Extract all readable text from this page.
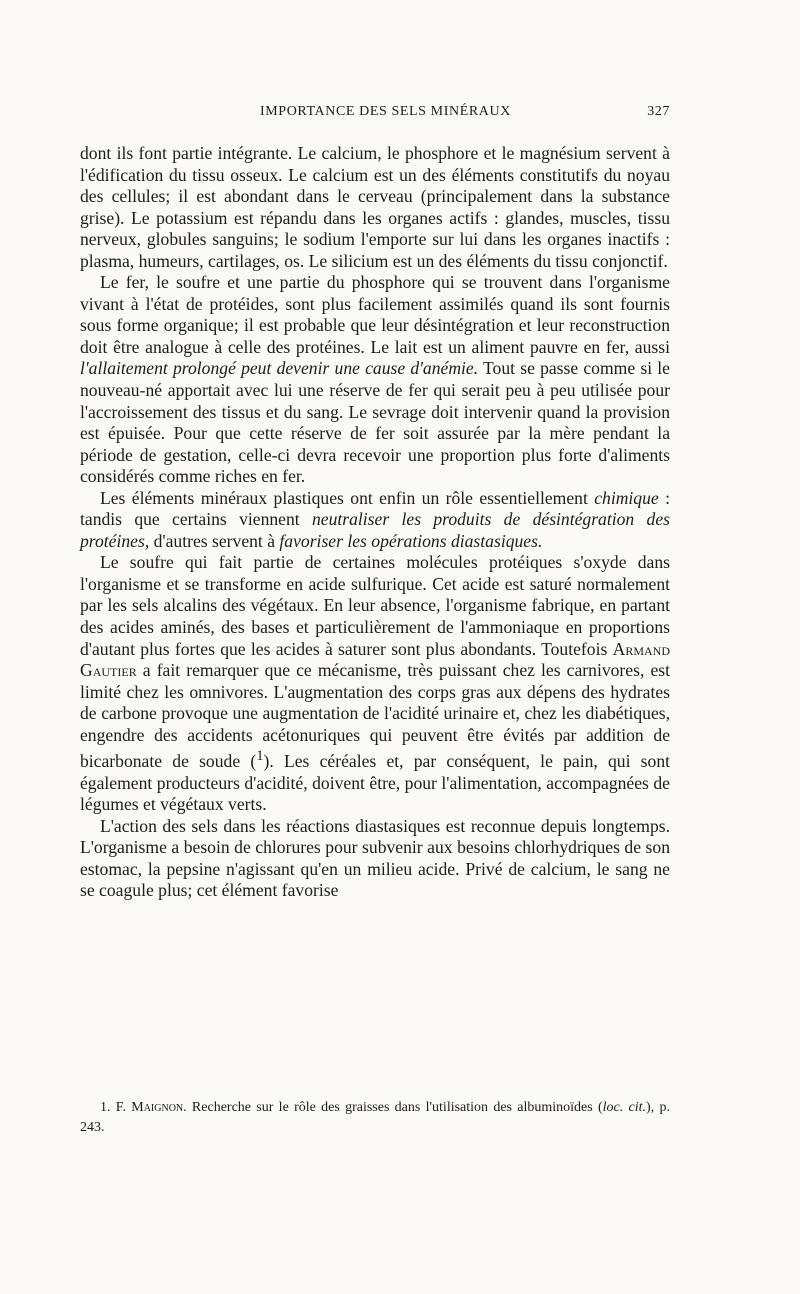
IMPORTANCE DES SELS MINÉRAUX	327

dont ils font partie intégrante. Le calcium, le phosphore et le magnésium servent à l'édification du tissu osseux. Le calcium est un des éléments constitutifs du noyau des cellules; il est abondant dans le cerveau (principalement dans la substance grise). Le potassium est répandu dans les organes actifs : glandes, muscles, tissu nerveux, globules sanguins; le sodium l'emporte sur lui dans les organes inactifs : plasma, humeurs, cartilages, os. Le silicium est un des éléments du tissu conjonctif.

Le fer, le soufre et une partie du phosphore qui se trouvent dans l'organisme vivant à l'état de protéides, sont plus facilement assimilés quand ils sont fournis sous forme organique; il est probable que leur désintégration et leur reconstruction doit être analogue à celle des protéines. Le lait est un aliment pauvre en fer, aussi l'allaitement prolongé peut devenir une cause d'anémie. Tout se passe comme si le nouveau-né apportait avec lui une réserve de fer qui serait peu à peu utilisée pour l'accroissement des tissus et du sang. Le sevrage doit intervenir quand la provision est épuisée. Pour que cette réserve de fer soit assurée par la mère pendant la période de gestation, celle-ci devra recevoir une proportion plus forte d'aliments considérés comme riches en fer.

Les éléments minéraux plastiques ont enfin un rôle essentiellement chimique : tandis que certains viennent neutraliser les produits de désintégration des protéines, d'autres servent à favoriser les opérations diastasiques.

Le soufre qui fait partie de certaines molécules protéiques s'oxyde dans l'organisme et se transforme en acide sulfurique. Cet acide est saturé normalement par les sels alcalins des végétaux. En leur absence, l'organisme fabrique, en partant des acides aminés, des bases et particulièrement de l'ammoniaque en proportions d'autant plus fortes que les acides à saturer sont plus abondants. Toutefois Armand Gautier a fait remarquer que ce mécanisme, très puissant chez les carnivores, est limité chez les omnivores. L'augmentation des corps gras aux dépens des hydrates de carbone provoque une augmentation de l'acidité urinaire et, chez les diabétiques, engendre des accidents acétonuriques qui peuvent être évités par addition de bicarbonate de soude ($^1$). Les céréales et, par conséquent, le pain, qui sont également producteurs d'acidité, doivent être, pour l'alimentation, accompagnées de légumes et végétaux verts.

L'action des sels dans les réactions diastasiques est reconnue depuis longtemps. L'organisme a besoin de chlorures pour subvenir aux besoins chlorhydriques de son estomac, la pepsine n'agissant qu'en un milieu acide. Privé de calcium, le sang ne se coagule plus; cet élément favorise

1. F. Maignon. Recherche sur le rôle des graisses dans l'utilisation des albuminoïdes (loc. cit.), p. 243.
